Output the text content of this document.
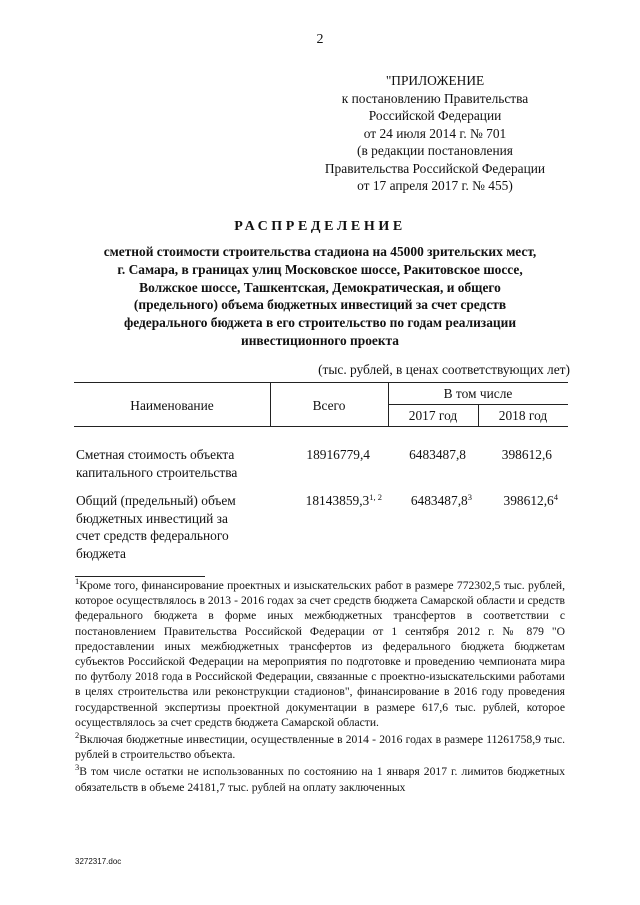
2
"ПРИЛОЖЕНИЕ
к постановлению Правительства
Российской Федерации
от 24 июля 2014 г. № 701
(в редакции постановления
Правительства Российской Федерации
от 17 апреля 2017 г. № 455)
РАСПРЕДЕЛЕНИЕ
сметной стоимости строительства стадиона на 45000 зрительских мест,
г. Самара, в границах улиц Московское шоссе, Ракитовское шоссе,
Волжское шоссе, Ташкентская, Демократическая, и общего
(предельного) объема бюджетных инвестиций за счет средств
федерального бюджета в его строительство по годам реализации
инвестиционного проекта
(тыс. рублей, в ценах соответствующих лет)
Наименование	Всего
В том числе
2017 год	2018 год
Сметная стоимость объекта
капитального строительства
18916779,4	6483487,8	398612,6
Общий (предельный) объем
бюджетных инвестиций за
счет средств федерального
бюджета
18143859,3$^{1, 2}$	6483487,8$^3$	398612,6$^4$

$^1$Кроме того, финансирование проектных и изыскательских работ в размере 772302,5 тыс. рублей, которое осуществлялось в 2013 - 2016 годах за счет средств бюджета Самарской области и средств федерального бюджета в форме иных межбюджетных трансфертов в соответствии с постановлением Правительства Российской Федерации от 1 сентября 2012 г. № 879 "О предоставлении иных межбюджетных трансфертов из федерального бюджета бюджетам субъектов Российской Федерации на мероприятия по подготовке и проведению чемпионата мира по футболу 2018 года в Российской Федерации, связанные с проектно-изыскательскими работами в целях строительства или реконструкции стадионов", финансирование в 2016 году проведения государственной экспертизы проектной документации в размере 617,6 тыс. рублей, которое осуществлялось за счет средств бюджета Самарской области.

$^2$Включая бюджетные инвестиции, осуществленные в 2014 - 2016 годах в размере 11261758,9 тыс. рублей в строительство объекта.

$^3$В том числе остатки не использованных по состоянию на 1 января 2017 г. лимитов бюджетных обязательств в объеме 24181,7 тыс. рублей на оплату заключенных

3272317.doc
